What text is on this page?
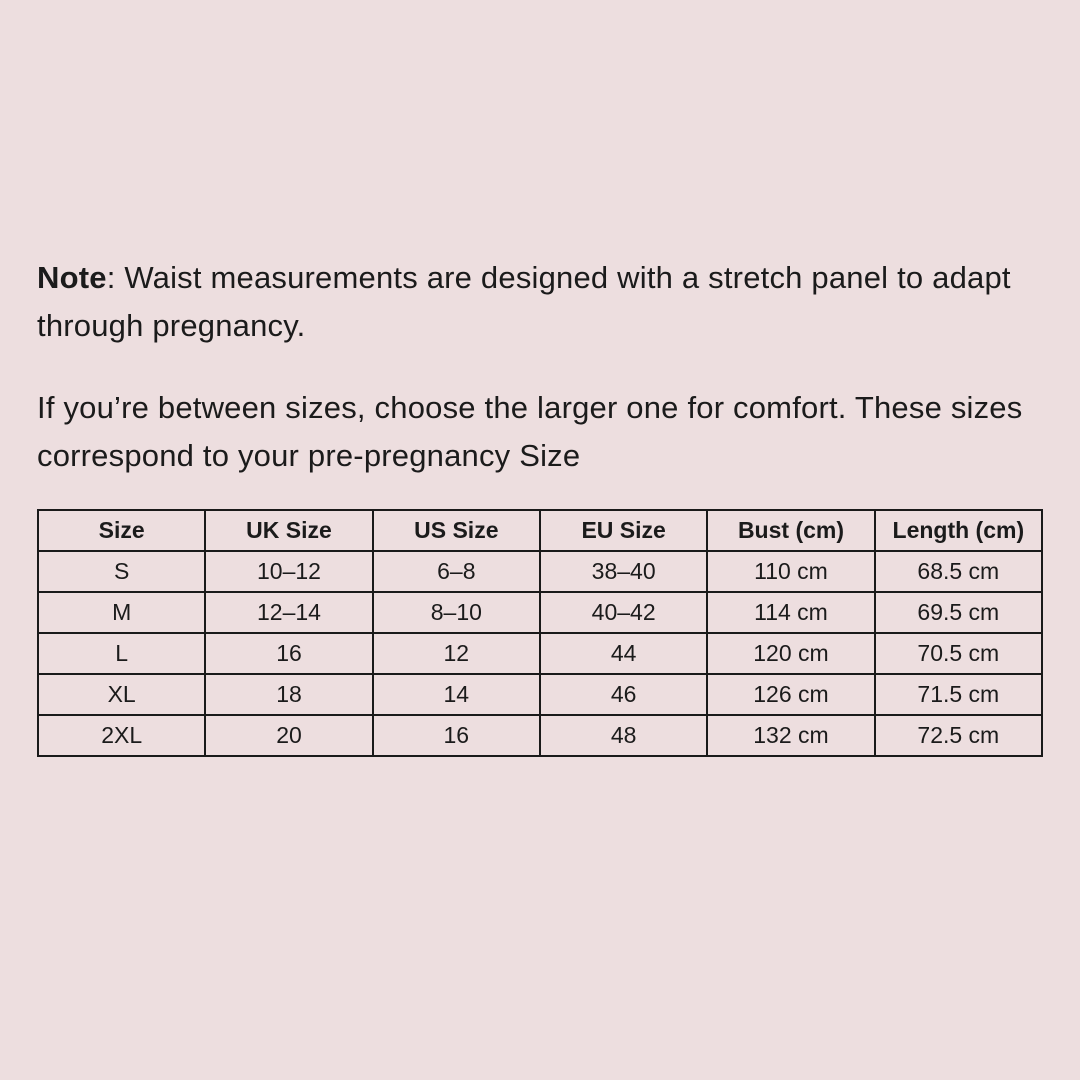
Note: Waist measurements are designed with a stretch panel to adapt through pregnancy.

If you’re between sizes, choose the larger one for comfort. These sizes correspond to your pre-pregnancy Size

Size	UK Size	US Size	EU Size	Bust (cm)	Length (cm)
S	10–12	6–8	38–40	110 cm	68.5 cm
M	12–14	8–10	40–42	114 cm	69.5 cm
L	16	12	44	120 cm	70.5 cm
XL	18	14	46	126 cm	71.5 cm
2XL	20	16	48	132 cm	72.5 cm
